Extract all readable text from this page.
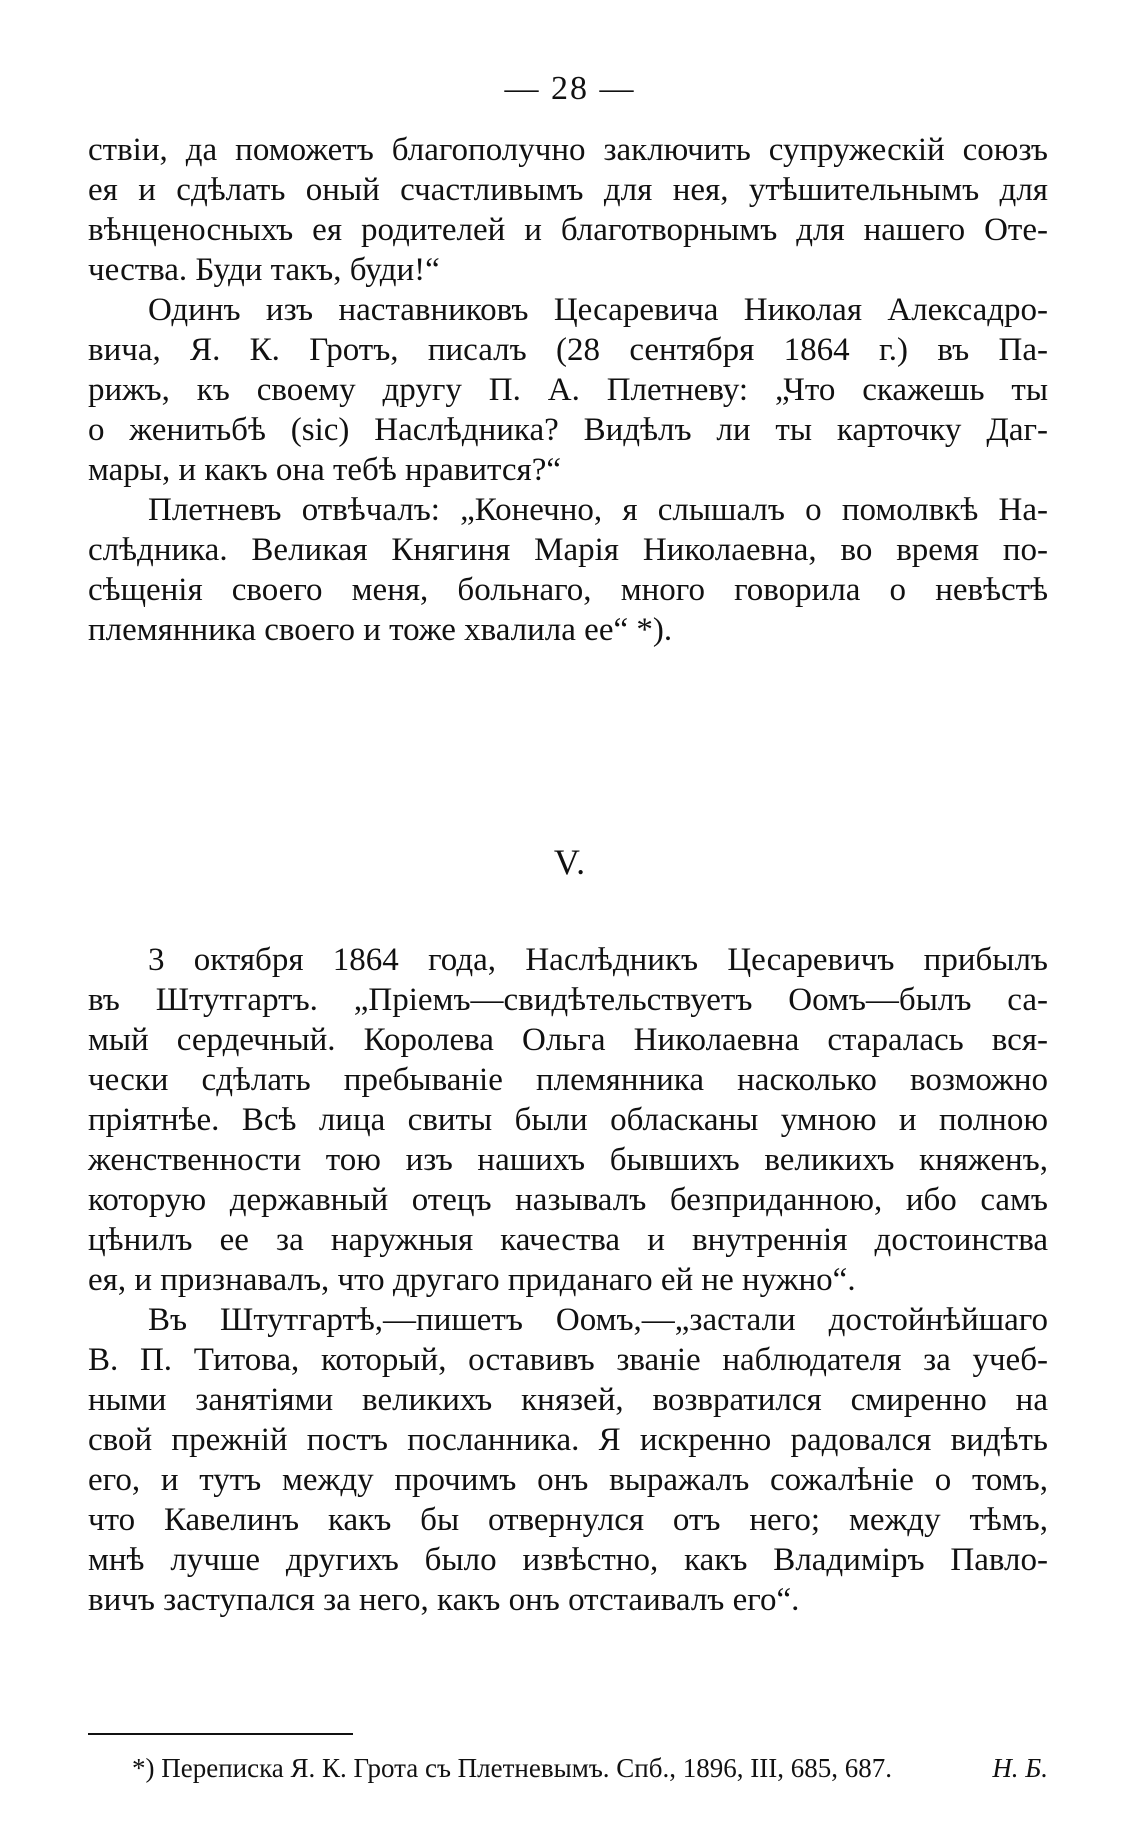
— 28 —
ствіи, да поможетъ благополучно заключить супружескій союзъ
ея и сдѣлать оный счастливымъ для нея, утѣшительнымъ для
вѣнценосныхъ ея родителей и благотворнымъ для нашего Оте-
чества. Буди такъ, буди!“
Одинъ изъ наставниковъ Цесаревича Николая Алексадро-
вича, Я. К. Гротъ, писалъ (28 сентября 1864 г.) въ Па-
рижъ, къ своему другу П. А. Плетневу: „Что скажешь ты
о женитьбѣ (sic) Наслѣдника? Видѣлъ ли ты карточку Даг-
мары, и какъ она тебѣ нравится?“
Плетневъ отвѣчалъ: „Конечно, я слышалъ о помолвкѣ На-
слѣдника. Великая Княгиня Марія Николаевна, во время по-
сѣщенія своего меня, больнаго, много говорила о невѣстѣ
племянника своего и тоже хвалила ее“ *).
V.
3 октября 1864 года, Наслѣдникъ Цесаревичъ прибылъ
въ Штутгартъ. „Пріемъ—свидѣтельствуетъ Оомъ—былъ са-
мый сердечный. Королева Ольга Николаевна старалась вся-
чески сдѣлать пребываніе племянника насколько возможно
пріятнѣе. Всѣ лица свиты были обласканы умною и полною
женственности тою изъ нашихъ бывшихъ великихъ княженъ,
которую державный отецъ называлъ безприданною, ибо самъ
цѣнилъ ее за наружныя качества и внутреннія достоинства
ея, и признавалъ, что другаго приданаго ей не нужно“.
Въ Штутгартѣ,—пишетъ Оомъ,—„застали достойнѣйшаго
В. П. Титова, который, оставивъ званіе наблюдателя за учеб-
ными занятіями великихъ князей, возвратился смиренно на
свой прежній постъ посланника. Я искренно радовался видѣть
его, и тутъ между прочимъ онъ выражалъ сожалѣніе о томъ,
что Кавелинъ какъ бы отвернулся отъ него; между тѣмъ,
мнѣ лучше другихъ было извѣстно, какъ Владиміръ Павло-
вичъ заступался за него, какъ онъ отстаивалъ его“.
*) Переписка Я. К. Грота съ Плетневымъ. Спб., 1896, III, 685, 687.	Н. Б.
